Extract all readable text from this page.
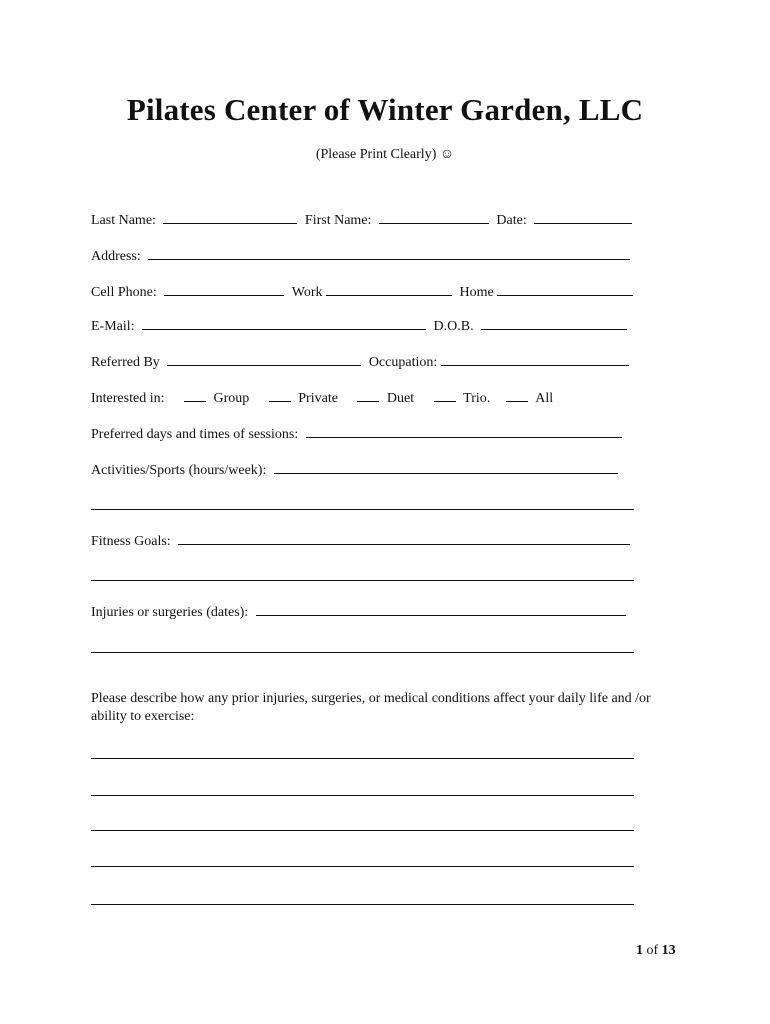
Pilates Center of Winter Garden, LLC
(Please Print Clearly) ☺
Last Name:	First Name:	Date:
Address:
Cell Phone:	Work	Home
E-Mail:	D.O.B.
Referred By	Occupation:
Interested in:	Group	Private	Duet	Trio.	All
Preferred days and times of sessions:
Activities/Sports (hours/week):
Fitness Goals:
Injuries or surgeries (dates):
Please describe how any prior injuries, surgeries, or medical conditions affect your daily life and /or ability to exercise:
1 of 13
